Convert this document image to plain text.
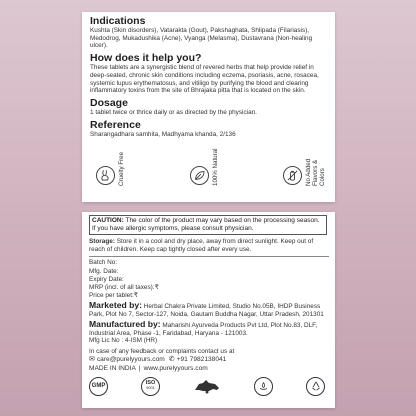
Indications

Kushta (Skin disorders), Vatarakta (Gout), Pakshaghata, Shlipada (Filariasis), Medodrog, Mukadushika (Acne), Vyanga (Melasma), Dustavrana (Non-healing ulcer).

How does it help you?

These tablets are a synergistic blend of revered herbs that help provide relief in deep-seated, chronic skin conditions including eczema, psoriasis, acne, rosacea, systemic lupus erythematosus, and vitiligo by purifying the blood and clearing inflammatory toxins from the site of Bhrajaka pitta that is located on the skin.

Dosage

1 tablet twice or thrice daily or as directed by the physician.

Reference

Sharangadhara samhita, Madhyama khanda, 2/136

Cruelty Free	100% Natural	No Added
Flavors & Colors
CAUTION: The color of the product may vary based on the processing season. If you have allergic symptoms, please consult physician.
Storage: Store it in a cool and dry place, away from direct sunlight. Keep out of reach of children. Keep cap tightly closed after every use.
Batch No:
Mfg. Date:
Expiry Date:
MRP (incl. of all taxes):₹
Price per tablet:₹
Marketed by: Herbal Chakra Private Limited, Studio No.05B, IHDP Business Park, Plot No 7, Sector-127, Noida, Gautam Buddha Nagar, Uttar Pradesh, 201301
Manufactured by: Maharishi Ayurveda Products Pvt Ltd, Plot No.83, DLF, Industrial Area, Phase -1, Faridabad, Haryana - 121003.
Mfg Lic No : 4-ISM (HR)
In case of any feedback or complaints contact us at
✉ care@purelyyours.com ✆ +91 7982138041
MADE IN INDIA | www.purelyyours.com
GMP
ISO
9001
